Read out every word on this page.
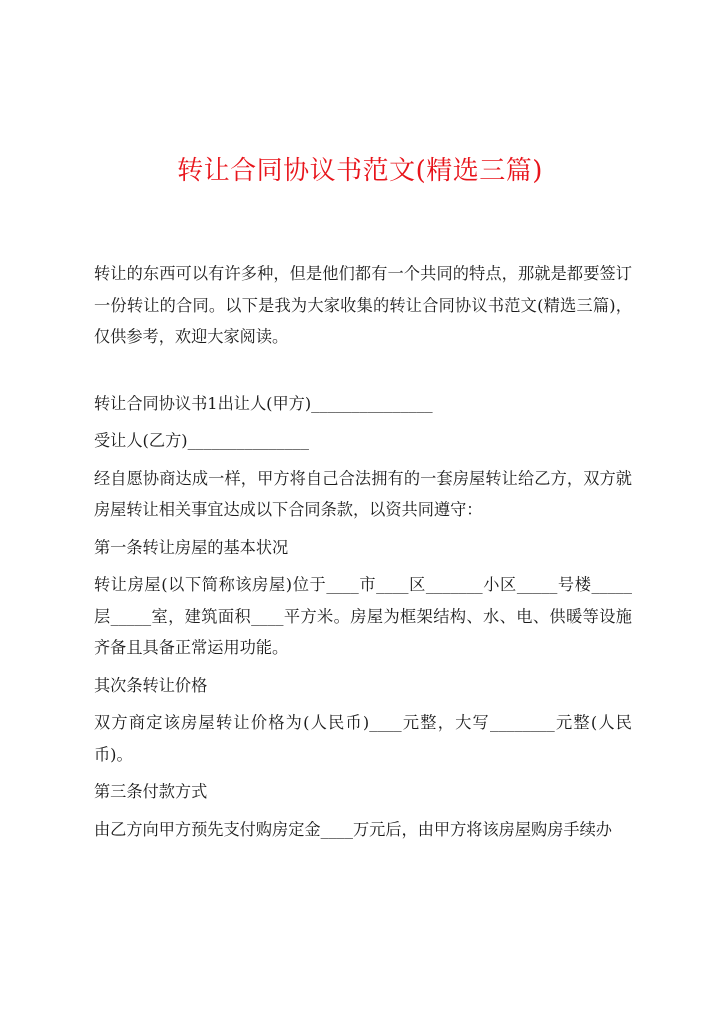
转让合同协议书范文(精选三篇)

转让的东西可以有许多种，但是他们都有一个共同的特点，那就是都要签订一份转让的合同。以下是我为大家收集的转让合同协议书范文(精选三篇)，仅供参考，欢迎大家阅读。

转让合同协议书1出让人(甲方)_______________

受让人(乙方)_______________

经自愿协商达成一样，甲方将自己合法拥有的一套房屋转让给乙方，双方就房屋转让相关事宜达成以下合同条款，以资共同遵守：

第一条转让房屋的基本状况

转让房屋(以下简称该房屋)位于____市____区_______小区_____号楼_____层_____室，建筑面积____平方米。房屋为框架结构、水、电、供暖等设施齐备且具备正常运用功能。

其次条转让价格

双方商定该房屋转让价格为(人民币)____元整，大写________元整(人民币)。

第三条付款方式

由乙方向甲方预先支付购房定金____万元后，由甲方将该房屋购房手续办
